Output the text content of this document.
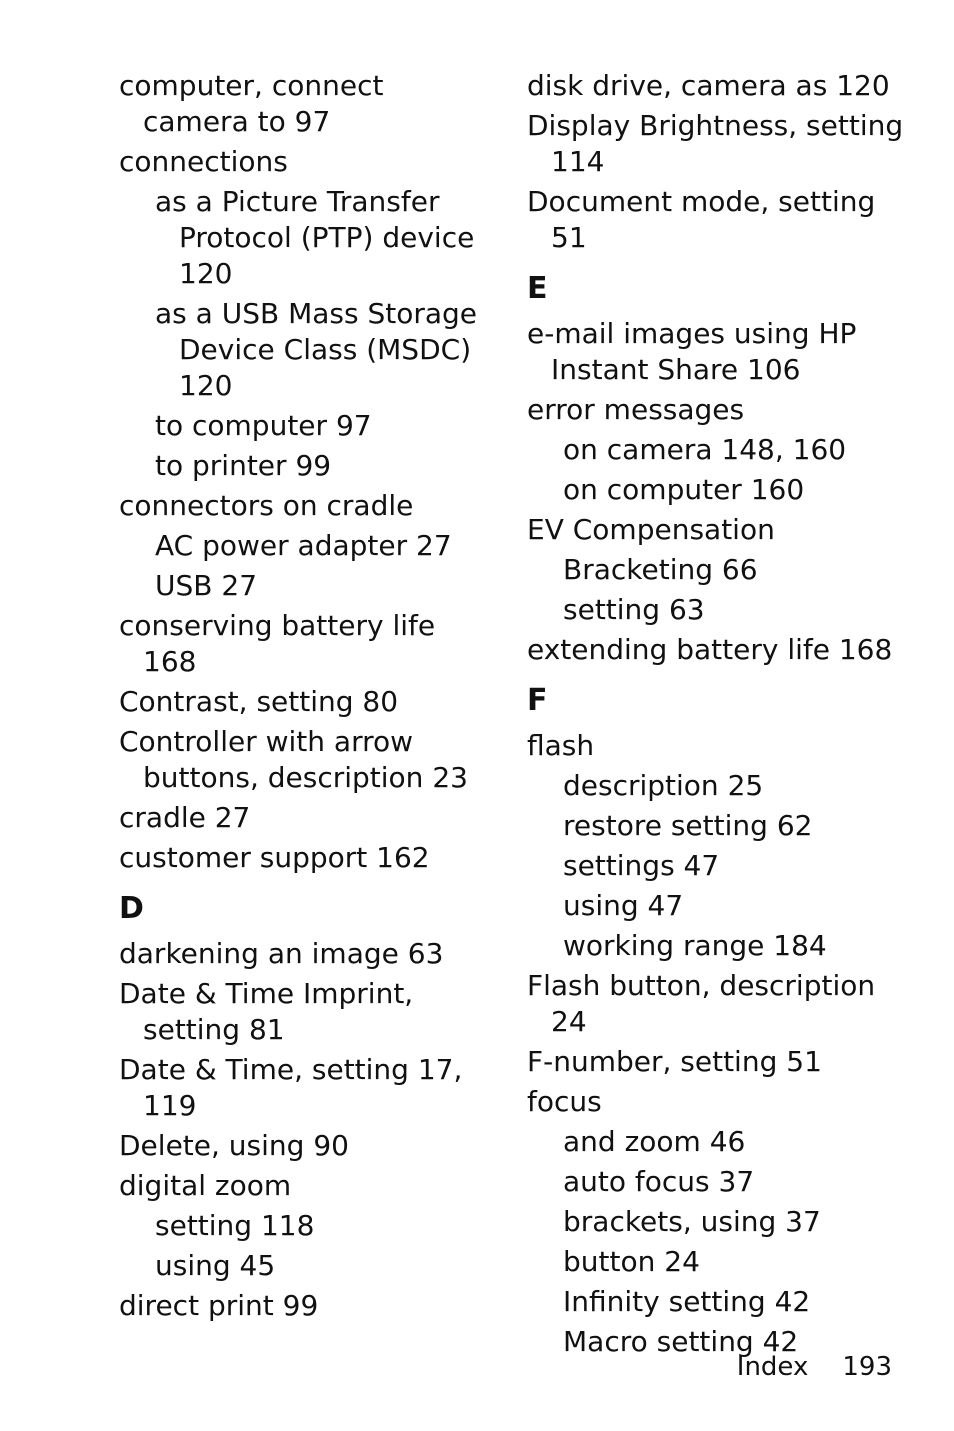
computer, connect camera to 97
connections
as a Picture Transfer Protocol (PTP) device 120
as a USB Mass Storage Device Class (MSDC) 120
to computer 97
to printer 99
connectors on cradle
AC power adapter 27
USB 27
conserving battery life 168
Contrast, setting 80
Controller with arrow buttons, description 23
cradle 27
customer support 162
D
darkening an image 63
Date & Time Imprint, setting 81
Date & Time, setting 17, 119
Delete, using 90
digital zoom
setting 118
using 45
direct print 99
disk drive, camera as 120
Display Brightness, setting 114
Document mode, setting 51
E
e-mail images using HP Instant Share 106
error messages
on camera 148, 160
on computer 160
EV Compensation
Bracketing 66
setting 63
extending battery life 168
F
flash
description 25
restore setting 62
settings 47
using 47
working range 184
Flash button, description 24
F-number, setting 51
focus
and zoom 46
auto focus 37
brackets, using 37
button 24
Infinity setting 42
Macro setting 42
Index 193
